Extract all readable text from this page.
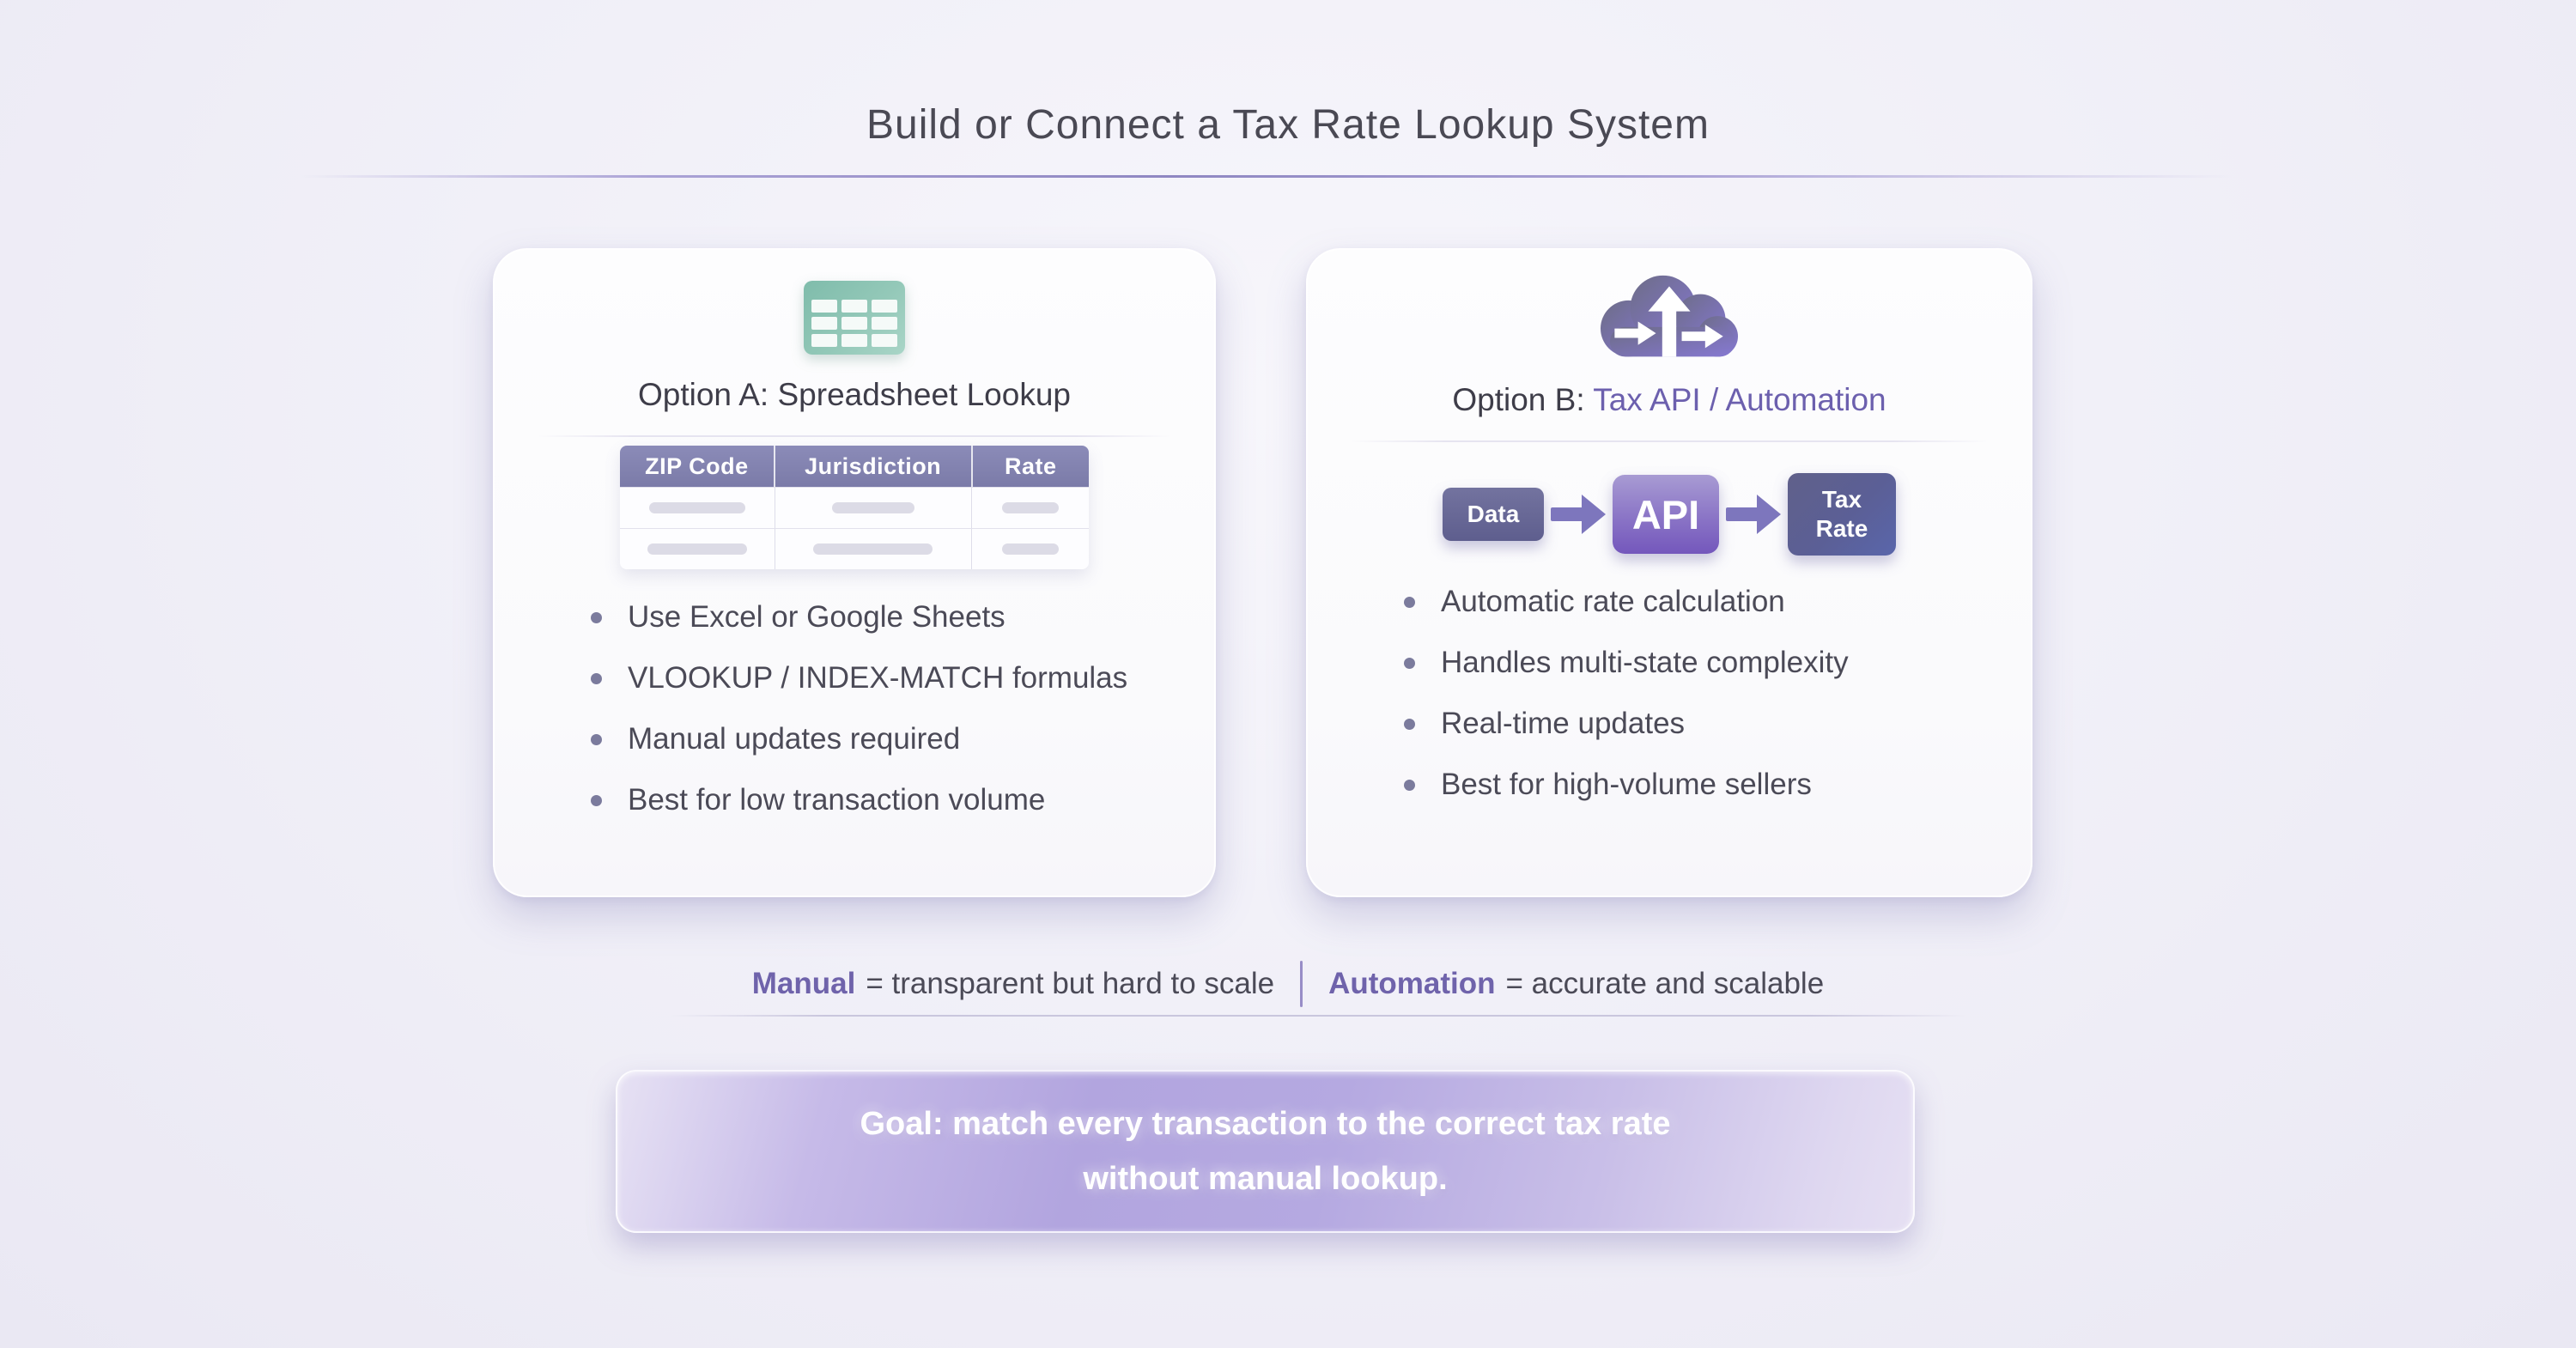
Build or Connect a Tax Rate Lookup System
Option A: Spreadsheet Lookup
ZIP Code	Jurisdiction	Rate
Use Excel or Google Sheets
VLOOKUP / INDEX-MATCH formulas
Manual updates required
Best for low transaction volume
Option B: Tax API / Automation
Data	API	Tax Rate
Automatic rate calculation
Handles multi-state complexity
Real-time updates
Best for high-volume sellers
Manual = transparent but hard to scale Automation = accurate and scalable
Goal: match every transaction to the correct tax rate
without manual lookup.
